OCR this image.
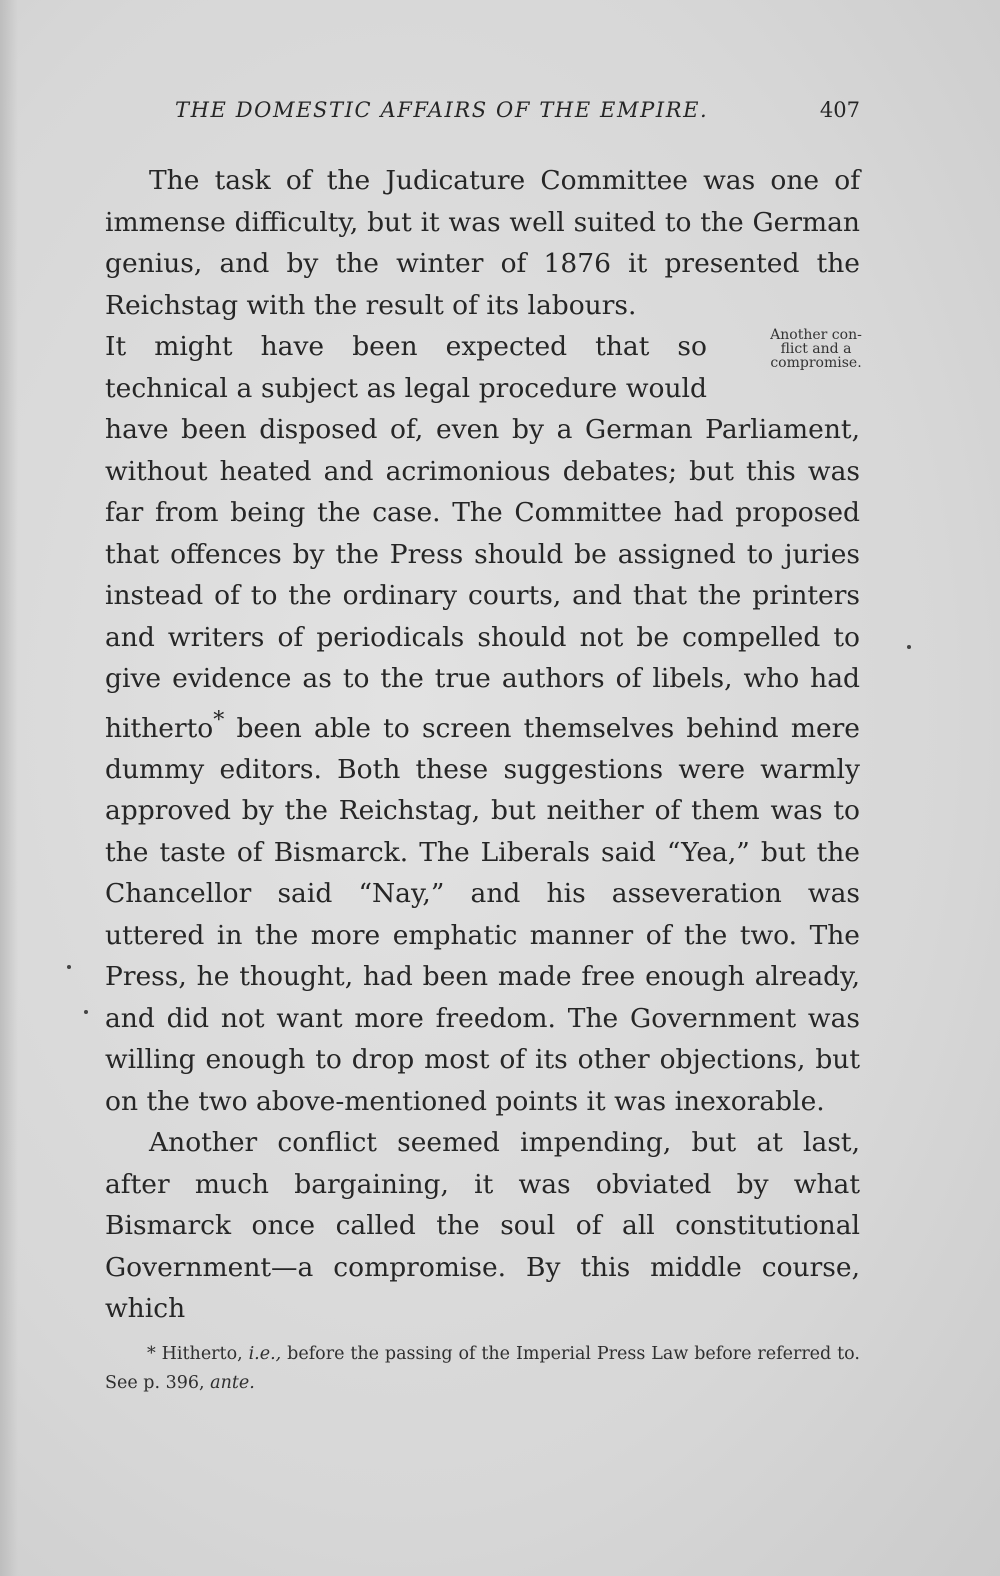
THE DOMESTIC AFFAIRS OF THE EMPIRE.	407

The task of the Judicature Committee was one of immense difficulty, but it was well suited to the German genius, and by the winter of 1876 it presented the Reichstag with the result of its labours.

Another con-
flict and a
compromise.
It might have been expected that so technical a subject as legal procedure would have been disposed of, even by a German Parliament, without heated and acrimonious debates; but this was far from being the case. The Committee had proposed that offences by the Press should be assigned to juries instead of to the ordinary courts, and that the printers and writers of periodicals should not be compelled to give evidence as to the true authors of libels, who had hitherto* been able to screen themselves behind mere dummy editors. Both these suggestions were warmly approved by the Reichstag, but neither of them was to the taste of Bismarck. The Liberals said “Yea,” but the Chancellor said “Nay,” and his asseveration was uttered in the more emphatic manner of the two. The Press, he thought, had been made free enough already, and did not want more freedom. The Government was willing enough to drop most of its other objections, but on the two above-mentioned points it was inexorable.

Another conflict seemed impending, but at last, after much bargaining, it was obviated by what Bismarck once called the soul of all constitutional Government—a compromise. By this middle course, which

* Hitherto, i.e., before the passing of the Imperial Press Law before referred to. See p. 396, ante.
